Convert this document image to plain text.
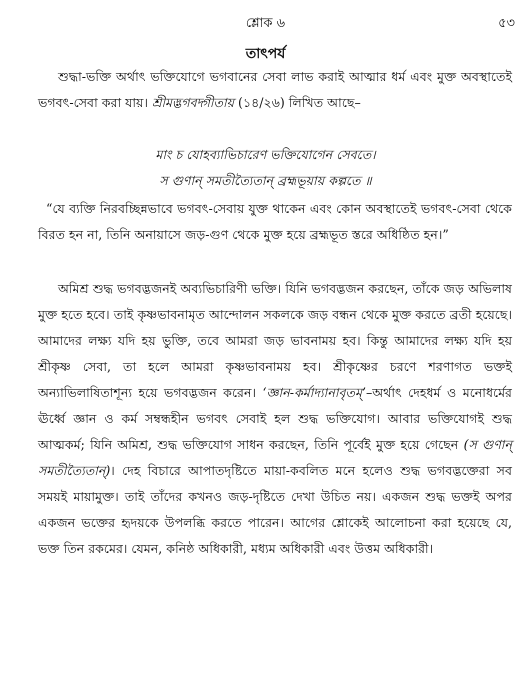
শ্লোক ৬	৫৩
তাৎপর্য
শুদ্ধা-ভক্তি অর্থাৎ ভক্তিযোগে ভগবানের সেবা লাভ করাই আত্মার ধর্ম এবং মুক্ত অবস্থাতেই ভগবৎ-সেবা করা যায়। শ্রীমদ্ভগবদ্গীতায় (১৪/২৬) লিখিত আছে–
মাং চ যোহব্যাভিচারেণ ভক্তিযোগেন সেবতে।
স গুণান্ সমতীত্যৈতান্ ব্রহ্মভূয়ায় কল্পতে ॥
“যে ব্যক্তি নিরবচ্ছিন্নভাবে ভগবৎ-সেবায় যুক্ত থাকেন এবং কোন অবস্থাতেই ভগবৎ-সেবা থেকে বিরত হন না, তিনি অনায়াসে জড়-গুণ থেকে মুক্ত হয়ে ব্রহ্মভূত স্তরে অধিষ্ঠিত হন।”
অমিশ্র শুদ্ধ ভগবদ্ভজনই অব্যভিচারিণী ভক্তি। যিনি ভগবদ্ভজন করছেন, তাঁকে জড় অভিলাষ মুক্ত হতে হবে। তাই কৃষ্ণভাবনামৃত আন্দোলন সকলকে জড় বন্ধন থেকে মুক্ত করতে ব্রতী হয়েছে। আমাদের লক্ষ্য যদি হয় ভুক্তি, তবে আমরা জড় ভাবনাময় হব। কিন্তু আমাদের লক্ষ্য যদি হয় শ্রীকৃষ্ণ সেবা, তা হলে আমরা কৃষ্ণভাবনাময় হব। শ্রীকৃষ্ণের চরণে শরণাগত ভক্তই অন্যাভিলাষিতাশূন্য হয়ে ভগবদ্ভজন করেন। ‘জ্ঞান-কর্মাদ্যানাবৃতম্’–অর্থাৎ দেহধর্ম ও মনোধর্মের ঊর্ধ্বে জ্ঞান ও কর্ম সম্বন্ধহীন ভগবৎ সেবাই হল শুদ্ধ ভক্তিযোগ। আবার ভক্তিযোগই শুদ্ধ আত্মকর্ম; যিনি অমিশ্র, শুদ্ধ ভক্তিযোগ সাধন করছেন, তিনি পূর্বেই মুক্ত হয়ে গেছেন (স গুণান্ সমতীত্যৈতান্)। দেহ বিচারে আপাতদৃষ্টিতে মায়া-কবলিত মনে হলেও শুদ্ধ ভগবদ্ভক্তেরা সব সময়ই মায়ামুক্ত। তাই তাঁদের কখনও জড়-দৃষ্টিতে দেখা উচিত নয়। একজন শুদ্ধ ভক্তই অপর একজন ভক্তের হৃদয়কে উপলব্ধি করতে পারেন। আগের শ্লোকেই আলোচনা করা হয়েছে যে, ভক্ত তিন রকমের। যেমন, কনিষ্ঠ অধিকারী, মধ্যম অধিকারী এবং উত্তম অধিকারী।
